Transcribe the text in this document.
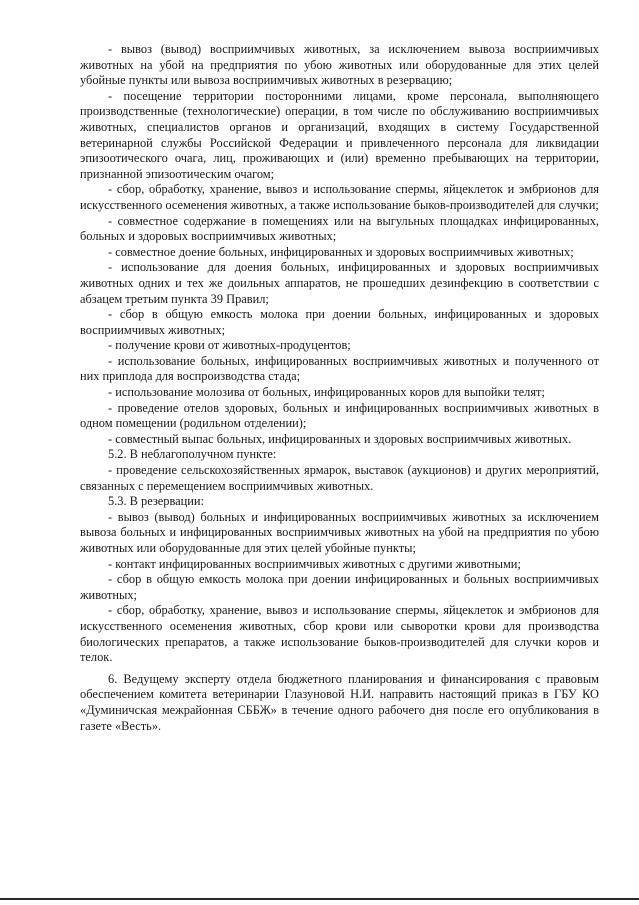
- вывоз (вывод) восприимчивых животных, за исключением вывоза восприимчивых животных на убой на предприятия по убою животных или оборудованные для этих целей убойные пункты или вывоза восприимчивых животных в резервацию;

- посещение территории посторонними лицами, кроме персонала, выполняющего производственные (технологические) операции, в том числе по обслуживанию восприимчивых животных, специалистов органов и организаций, входящих в систему Государственной ветеринарной службы Российской Федерации и привлеченного персонала для ликвидации эпизоотического очага, лиц, проживающих и (или) временно пребывающих на территории, признанной эпизоотическим очагом;

- сбор, обработку, хранение, вывоз и использование спермы, яйцеклеток и эмбрионов для искусственного осеменения животных, а также использование быков-производителей для случки;

- совместное содержание в помещениях или на выгульных площадках инфицированных, больных и здоровых восприимчивых животных;

- совместное доение больных, инфицированных и здоровых восприимчивых животных;

- использование для доения больных, инфицированных и здоровых восприимчивых животных одних и тех же доильных аппаратов, не прошедших дезинфекцию в соответствии с абзацем третьим пункта 39 Правил;

- сбор в общую емкость молока при доении больных, инфицированных и здоровых восприимчивых животных;

- получение крови от животных-продуцентов;

- использование больных, инфицированных восприимчивых животных и полученного от них приплода для воспроизводства стада;

- использование молозива от больных, инфицированных коров для выпойки телят;

- проведение отелов здоровых, больных и инфицированных восприимчивых животных в одном помещении (родильном отделении);

- совместный выпас больных, инфицированных и здоровых восприимчивых животных.

5.2. В неблагополучном пункте:

- проведение сельскохозяйственных ярмарок, выставок (аукционов) и других мероприятий, связанных с перемещением восприимчивых животных.

5.3. В резервации:

- вывоз (вывод) больных и инфицированных восприимчивых животных за исключением вывоза больных и инфицированных восприимчивых животных на убой на предприятия по убою животных или оборудованные для этих целей убойные пункты;

- контакт инфицированных восприимчивых животных с другими животными;

- сбор в общую емкость молока при доении инфицированных и больных восприимчивых животных;

- сбор, обработку, хранение, вывоз и использование спермы, яйцеклеток и эмбрионов для искусственного осеменения животных, сбор крови или сыворотки крови для производства биологических препаратов, а также использование быков-производителей для случки коров и телок.

6. Ведущему эксперту отдела бюджетного планирования и финансирования с правовым обеспечением комитета ветеринарии Глазуновой Н.И. направить настоящий приказ в ГБУ КО «Думиничская межрайонная СББЖ» в течение одного рабочего дня после его опубликования в газете «Весть».
